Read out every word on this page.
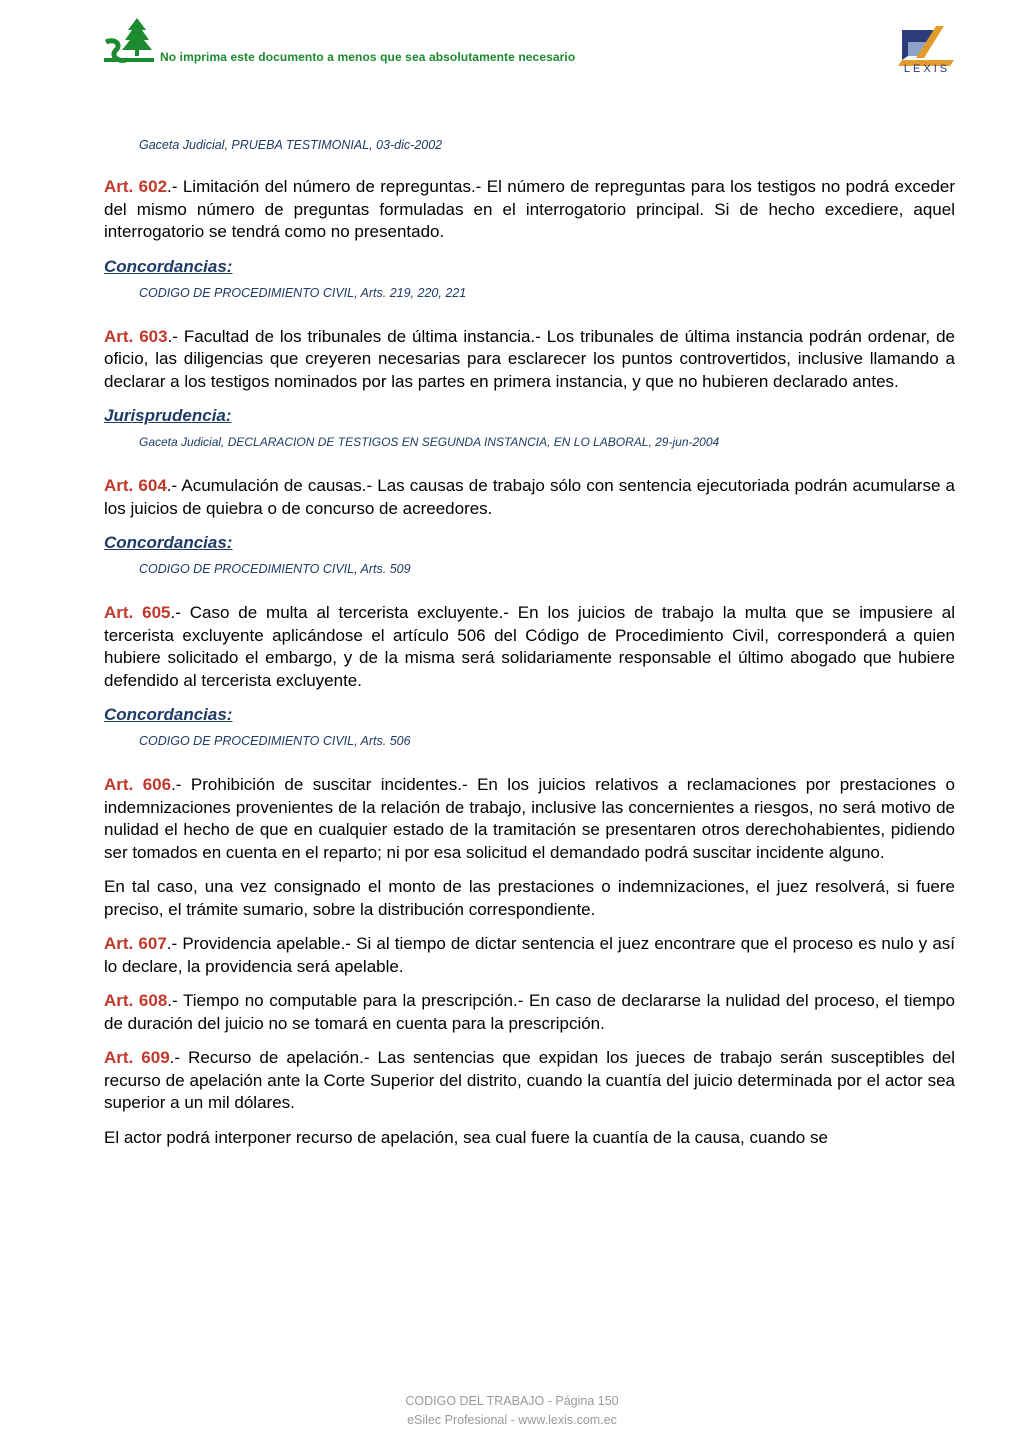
No imprima este documento a menos que sea absolutamente necesario
LEXIS
Gaceta Judicial, PRUEBA TESTIMONIAL, 03-dic-2002

Art. 602.- Limitación del número de repreguntas.- El número de repreguntas para los testigos no podrá exceder del mismo número de preguntas formuladas en el interrogatorio principal. Si de hecho excediere, aquel interrogatorio se tendrá como no presentado.

Concordancias:
CODIGO DE PROCEDIMIENTO CIVIL, Arts. 219, 220, 221

Art. 603.- Facultad de los tribunales de última instancia.- Los tribunales de última instancia podrán ordenar, de oficio, las diligencias que creyeren necesarias para esclarecer los puntos controvertidos, inclusive llamando a declarar a los testigos nominados por las partes en primera instancia, y que no hubieren declarado antes.

Jurisprudencia:
Gaceta Judicial, DECLARACION DE TESTIGOS EN SEGUNDA INSTANCIA, EN LO LABORAL, 29-jun-2004

Art. 604.- Acumulación de causas.- Las causas de trabajo sólo con sentencia ejecutoriada podrán acumularse a los juicios de quiebra o de concurso de acreedores.

Concordancias:
CODIGO DE PROCEDIMIENTO CIVIL, Arts. 509

Art. 605.- Caso de multa al tercerista excluyente.- En los juicios de trabajo la multa que se impusiere al tercerista excluyente aplicándose el artículo 506 del Código de Procedimiento Civil, corresponderá a quien hubiere solicitado el embargo, y de la misma será solidariamente responsable el último abogado que hubiere defendido al tercerista excluyente.

Concordancias:
CODIGO DE PROCEDIMIENTO CIVIL, Arts. 506

Art. 606.- Prohibición de suscitar incidentes.- En los juicios relativos a reclamaciones por prestaciones o indemnizaciones provenientes de la relación de trabajo, inclusive las concernientes a riesgos, no será motivo de nulidad el hecho de que en cualquier estado de la tramitación se presentaren otros derechohabientes, pidiendo ser tomados en cuenta en el reparto; ni por esa solicitud el demandado podrá suscitar incidente alguno.

En tal caso, una vez consignado el monto de las prestaciones o indemnizaciones, el juez resolverá, si fuere preciso, el trámite sumario, sobre la distribución correspondiente.

Art. 607.- Providencia apelable.- Si al tiempo de dictar sentencia el juez encontrare que el proceso es nulo y así lo declare, la providencia será apelable.

Art. 608.- Tiempo no computable para la prescripción.- En caso de declararse la nulidad del proceso, el tiempo de duración del juicio no se tomará en cuenta para la prescripción.

Art. 609.- Recurso de apelación.- Las sentencias que expidan los jueces de trabajo serán susceptibles del recurso de apelación ante la Corte Superior del distrito, cuando la cuantía del juicio determinada por el actor sea superior a un mil dólares.

El actor podrá interponer recurso de apelación, sea cual fuere la cuantía de la causa, cuando se

CODIGO DEL TRABAJO - Página 150
eSilec Profesional - www.lexis.com.ec
